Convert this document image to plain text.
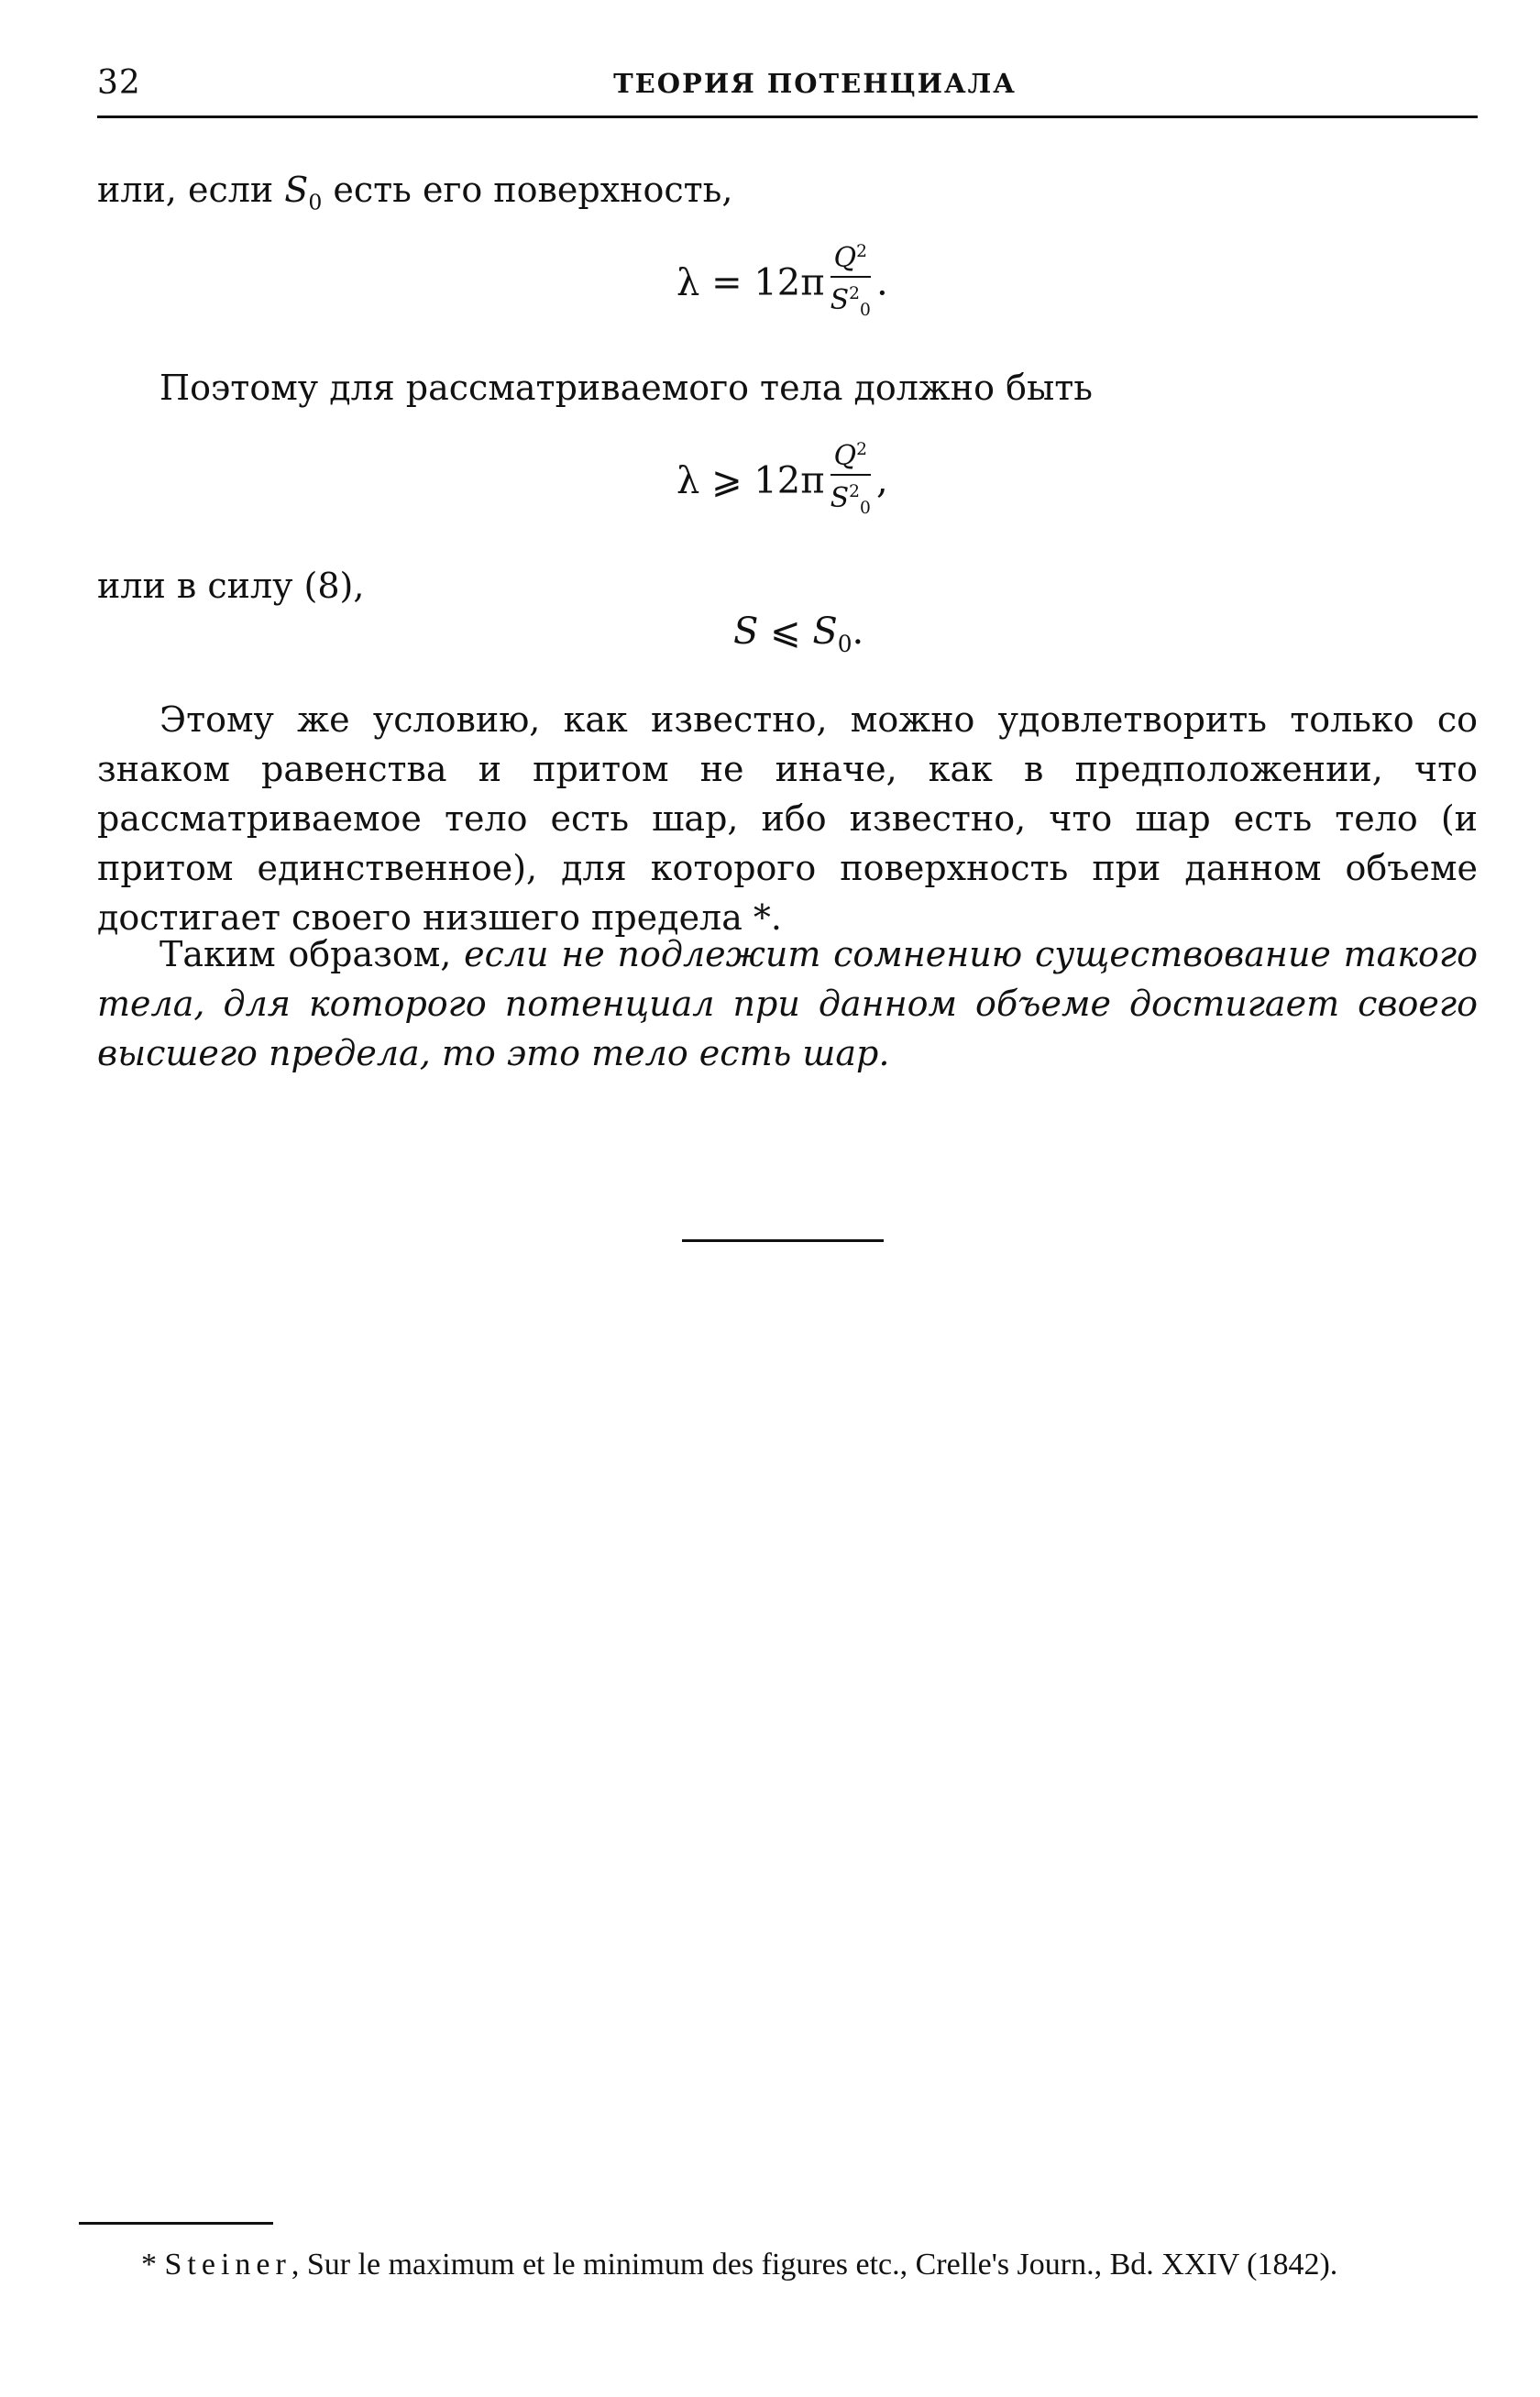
32	ТЕОРИЯ ПОТЕНЦИАЛА
или, если $S_0$ есть его поверхность,
$\lambda = 12\pi \frac{Q^2}{S^2_0}$ .
Поэтому для рассматриваемого тела должно быть
λ ⩾ $12\pi \frac{Q^2}{S^2_0}$ ,
или в силу (8),
S ⩽ $S_0$.
Этому же условию, как известно, можно удовлетворить только со знаком равенства и притом не иначе, как в предположении, что рассматриваемое тело есть шар, ибо известно, что шар есть тело (и притом единственное), для которого поверхность при данном объеме достигает своего низшего предела *.
Таким образом, если не подлежит сомнению существование такого тела, для которого потенциал при данном объеме достигает своего высшего предела, то это тело есть шар.
* Steiner, Sur le maximum et le minimum des figures etc., Crelle's Journ., Bd. XXIV (1842).
